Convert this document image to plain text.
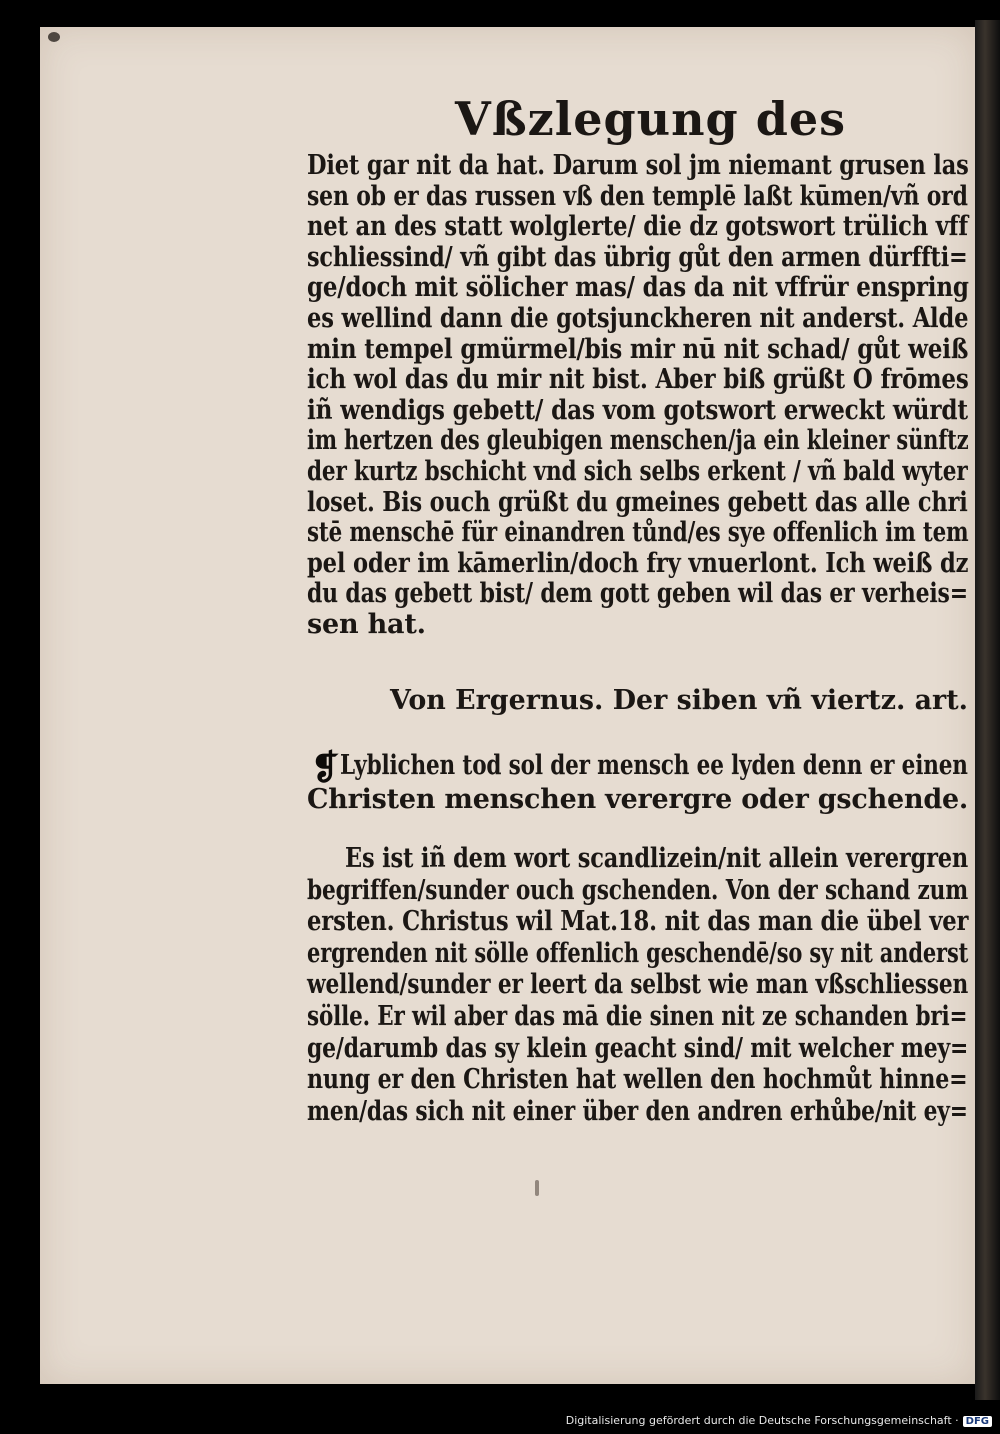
Vßzlegung des
Diet gar nit da hat. Darum sol jm niemant grusen las
sen ob er das russen vß den templē laßt kūmen/vñ ord
net an des statt wolglerte/ die dz gotswort trülich vff
schliessind/ vñ gibt das übrig gůt den armen dürffti=
ge/doch mit sölicher mas/ das da nit vffrür enspring
es wellind dann die gotsjunckheren nit anderst. Alde
min tempel gmürmel/bis mir nū nit schad/ gůt weiß
ich wol das du mir nit bist. Aber biß grüßt O frōmes
iñ wendigs gebett/ das vom gotswort erweckt würdt
im hertzen des gleubigen menschen/ja ein kleiner sünftz
der kurtz bschicht vnd sich selbs erkent / vñ bald wyter
loset. Bis ouch grüßt du gmeines gebett das alle chri
stē menschē für einandren tůnd/es sye offenlich im tem
pel oder im kāmerlin/doch fry vnuerlont. Ich weiß dz
du das gebett bist/ dem gott geben wil das er verheis=
sen hat.
Von Ergernus. Der siben vñ viertz. art.
❡ Lyblichen tod sol der mensch ee lyden denn er einen
Christen menschen verergre oder gschende.
Es ist iñ dem wort scandlizein/nit allein verergren
begriffen/sunder ouch gschenden. Von der schand zum
ersten. Christus wil Mat.18. nit das man die übel ver
ergrenden nit sölle offenlich geschendē/so sy nit anderst
wellend/sunder er leert da selbst wie man vßschliessen
sölle. Er wil aber das mā die sinen nit ze schanden bri=
ge/darumb das sy klein geacht sind/ mit welcher mey=
nung er den Christen hat wellen den hochmůt hinne=
men/das sich nit einer über den andren erhůbe/nit ey=
Digitalisierung gefördert durch die Deutsche Forschungsgemeinschaft · DFG
